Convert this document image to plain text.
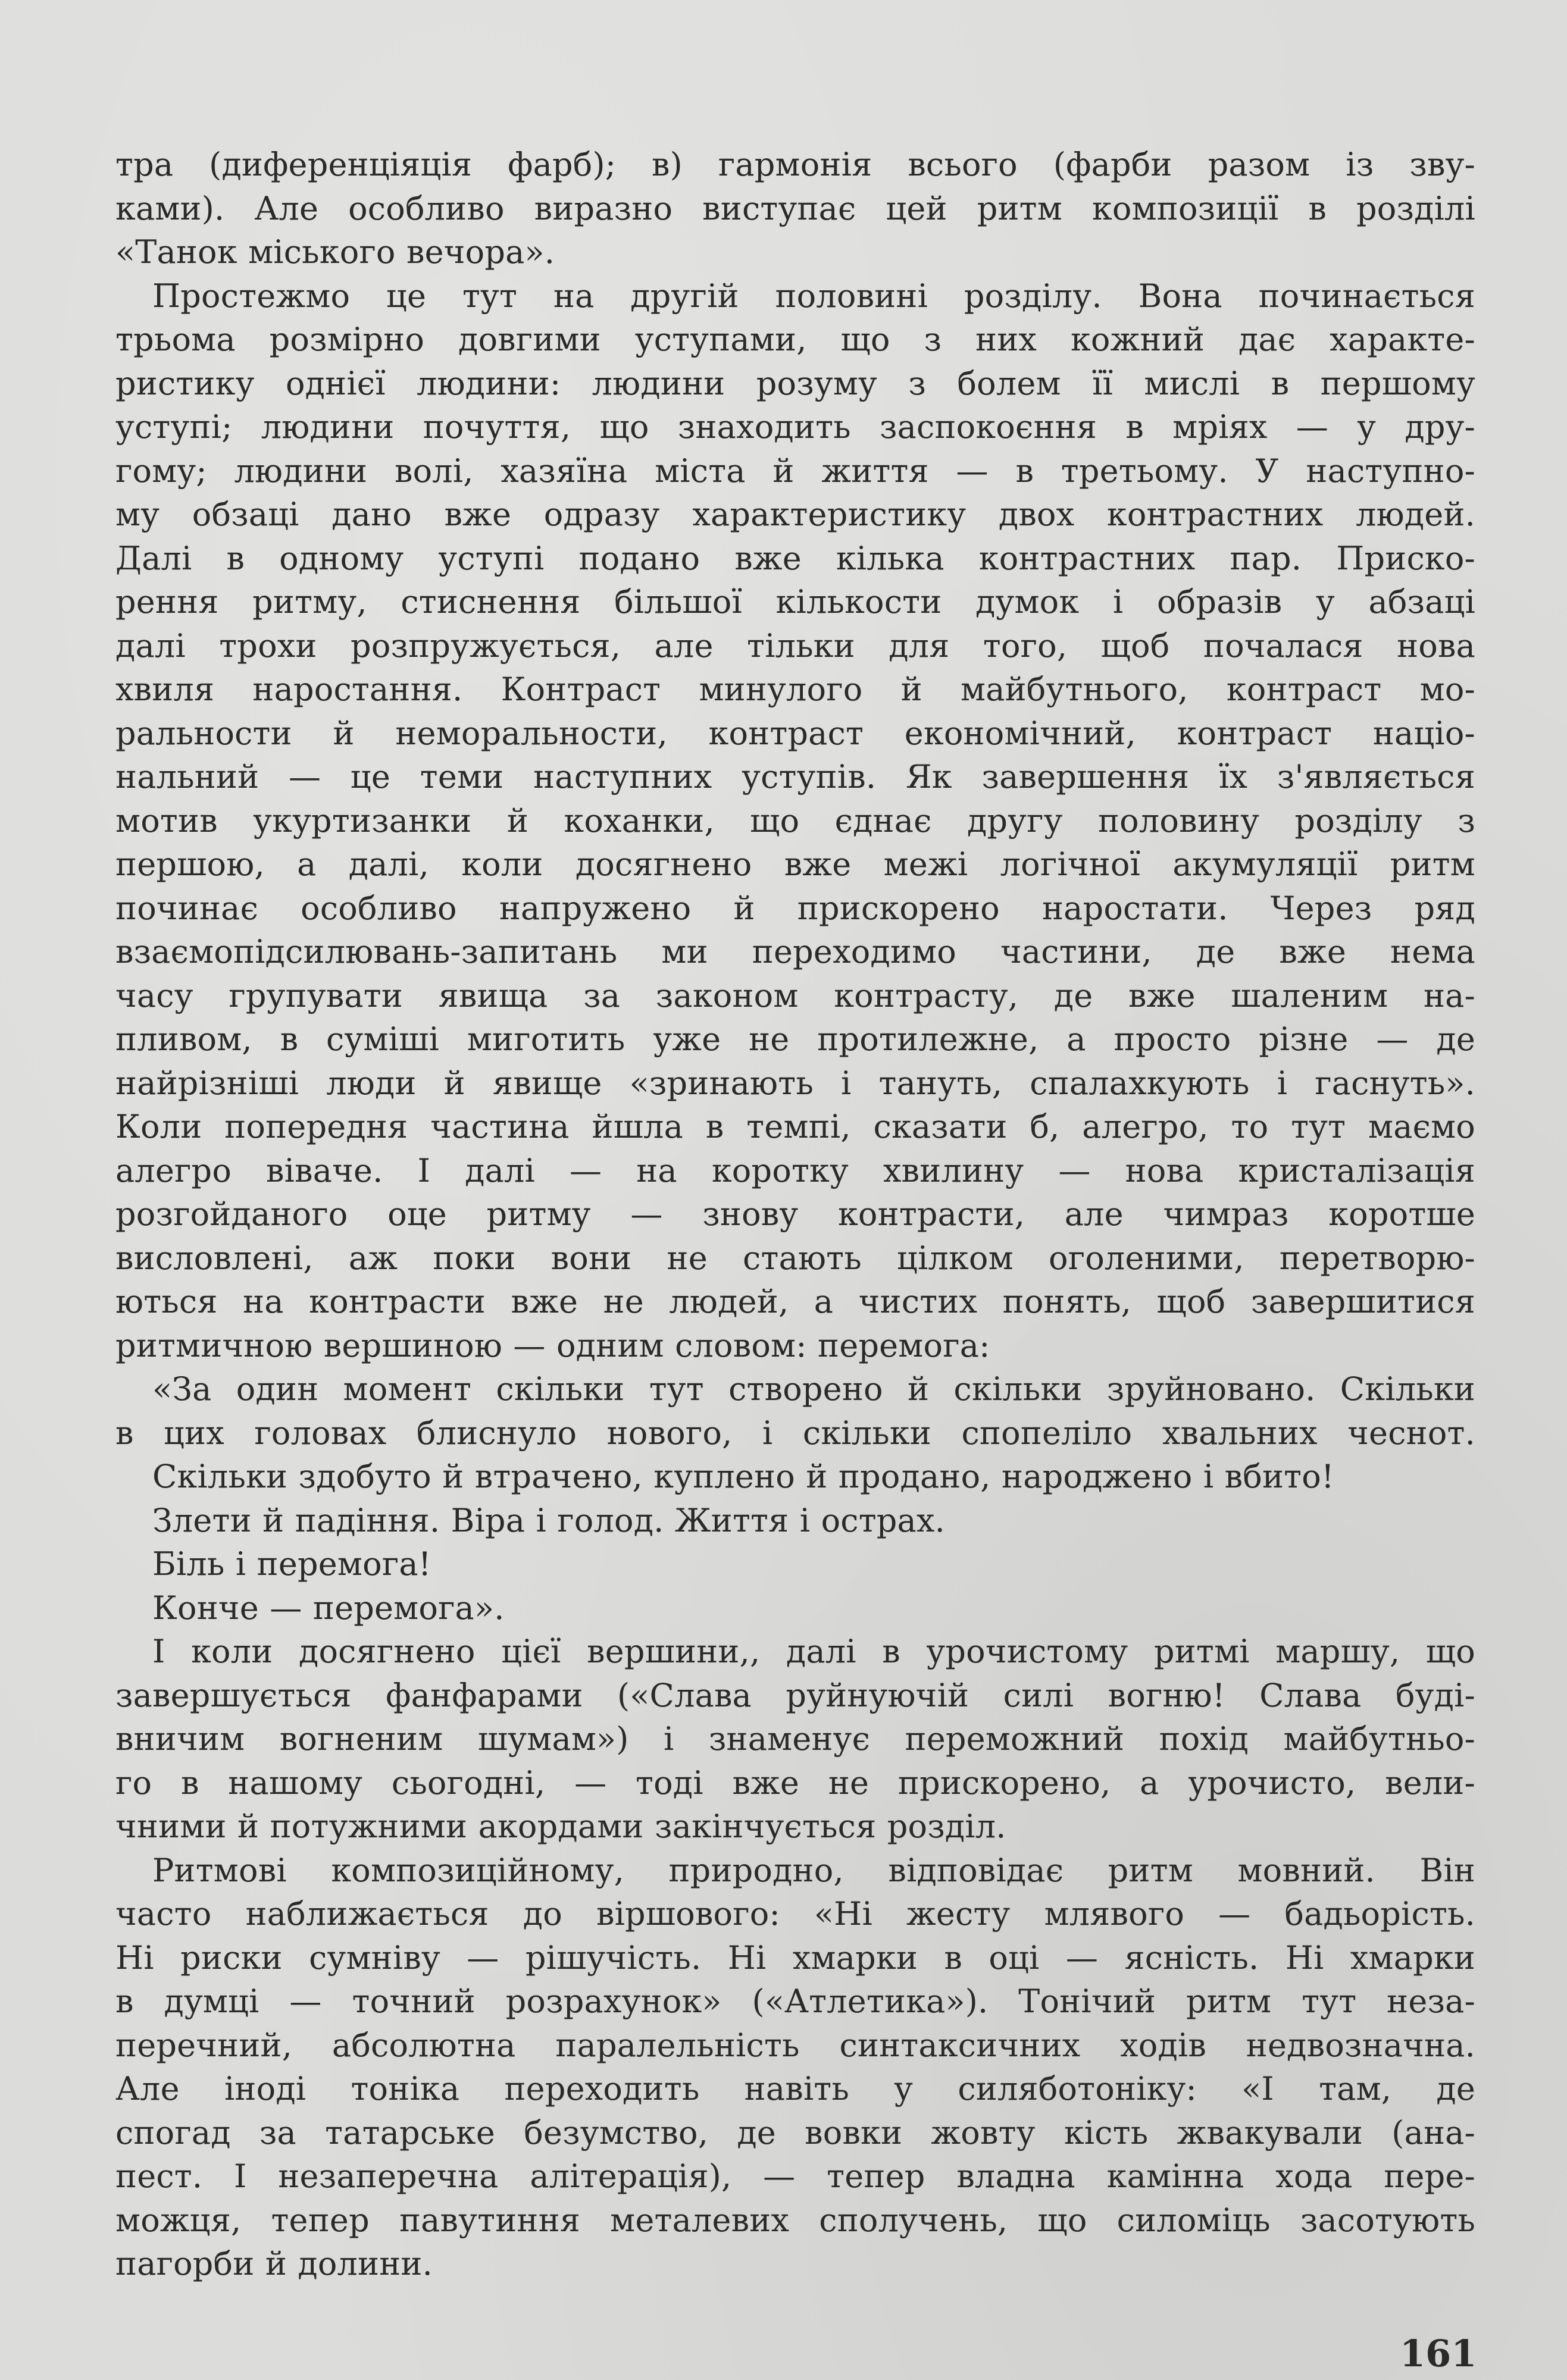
тра (диференціяція фарб); в) гармонія всього (фарби разом із зву-
ками). Але особливо виразно виступає цей ритм композиції в розділі
«Танок міського вечора».
Простежмо це тут на другій половині розділу. Вона починається
трьома розмірно довгими уступами, що з них кожний дає характе-
ристику однієї людини: людини розуму з болем її мислі в першому
уступі; людини почуття, що знаходить заспокоєння в мріях — у дру-
гому; людини волі, хазяїна міста й життя — в третьому. У наступно-
му обзаці дано вже одразу характеристику двох контрастних людей.
Далі в одному уступі подано вже кілька контрастних пар. Приско-
рення ритму, стиснення більшої кількости думок і образів у абзаці
далі трохи розпружується, але тільки для того, щоб почалася нова
хвиля наростання. Контраст минулого й майбутнього, контраст мо-
ральности й неморальности, контраст економічний, контраст націо-
нальний — це теми наступних уступів. Як завершення їх з'являється
мотив укуртизанки й коханки, що єднає другу половину розділу з
першою, а далі, коли досягнено вже межі логічної акумуляції ритм
починає особливо напружено й прискорено наростати. Через ряд
взаємопідсилювань-запитань ми переходимо частини, де вже нема
часу групувати явища за законом контрасту, де вже шаленим на-
пливом, в суміші миготить уже не протилежне, а просто різне — де
найрізніші люди й явище «зринають і тануть, спалахкують і гаснуть».
Коли попередня частина йшла в темпі, сказати б, алегро, то тут маємо
алегро віваче. І далі — на коротку хвилину — нова кристалізація
розгойданого оце ритму — знову контрасти, але чимраз коротше
висловлені, аж поки вони не стають цілком оголеними, перетворю-
ються на контрасти вже не людей, а чистих понять, щоб завершитися
ритмичною вершиною — одним словом: перемога:
«За один момент скільки тут створено й скільки зруйновано. Скільки
в цих головах блиснуло нового, і скільки спопеліло хвальних чеснот.
Скільки здобуто й втрачено, куплено й продано, народжено і вбито!
Злети й падіння. Віра і голод. Життя і острах.
Біль і перемога!
Конче — перемога».
І коли досягнено цієї вершини,, далі в урочистому ритмі маршу, що
завершується фанфарами («Слава руйнуючій силі вогню! Слава буді-
вничим вогненим шумам») і знаменує переможний похід майбутньо-
го в нашому сьогодні, — тоді вже не прискорено, а урочисто, вели-
чними й потужними акордами закінчується розділ.
Ритмові композиційному, природно, відповідає ритм мовний. Він
часто наближається до віршового: «Ні жесту млявого — бадьорість.
Ні риски сумніву — рішучість. Ні хмарки в оці — ясність. Ні хмарки
в думці — точний розрахунок» («Атлетика»). Тонічий ритм тут неза-
перечний, абсолютна паралельність синтаксичних ходів недвозначна.
Але іноді тоніка переходить навіть у силяботоніку: «І там, де
спогад за татарське безумство, де вовки жовту кість жвакували (ана-
пест. І незаперечна алітерація), — тепер владна камінна хода пере-
можця, тепер павутиння металевих сполучень, що силоміць засотують
пагорби й долини.
161
